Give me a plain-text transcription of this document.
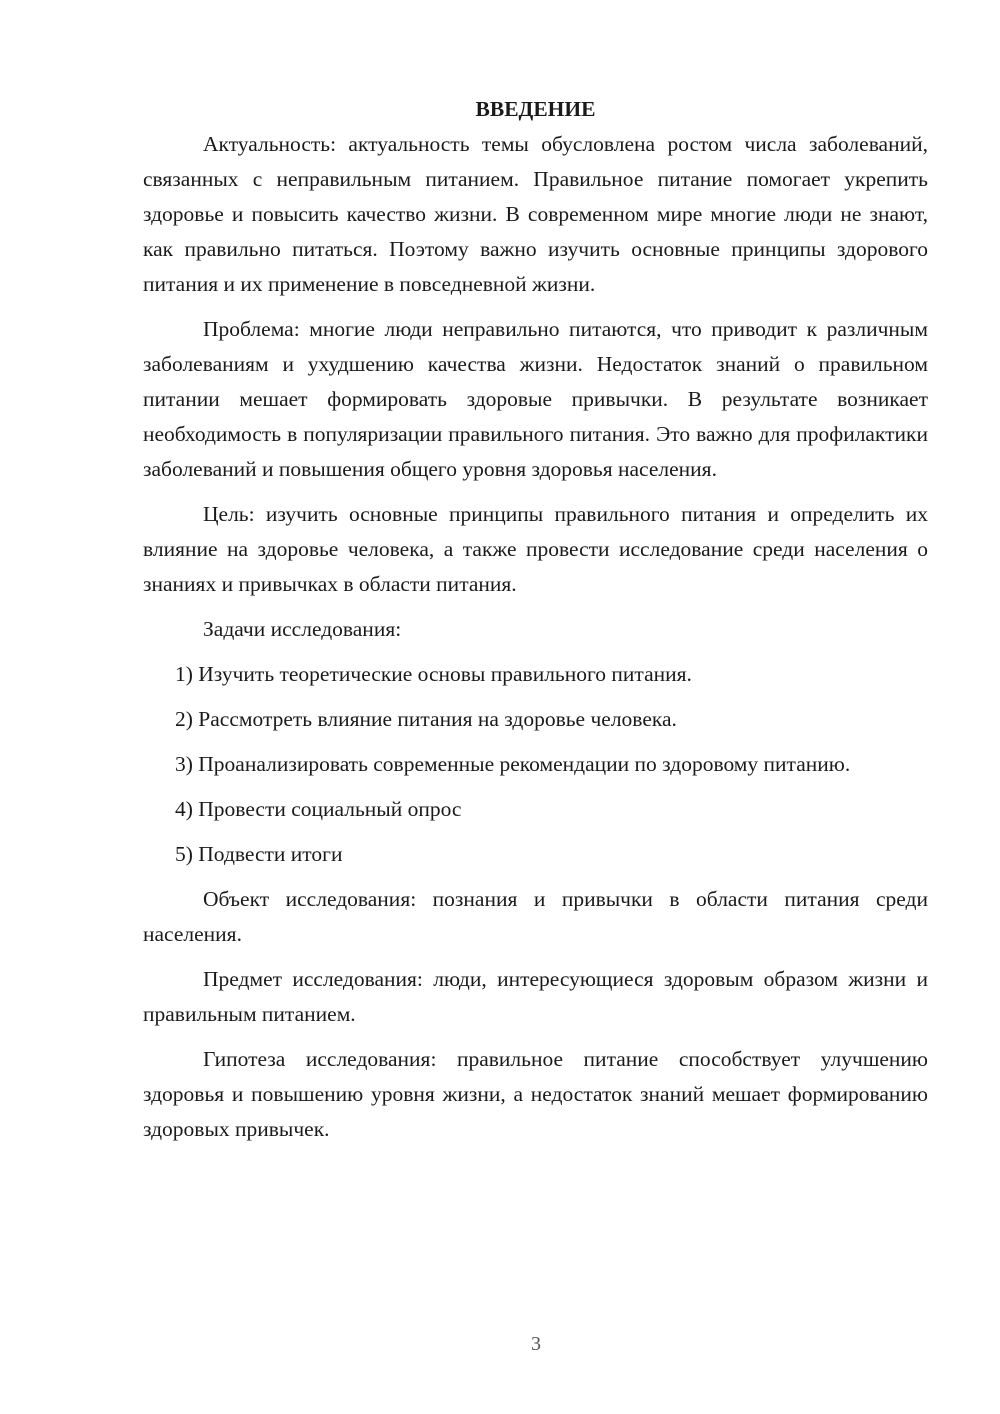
ВВЕДЕНИЕ

Актуальность: актуальность темы обусловлена ростом числа заболеваний, связанных с неправильным питанием. Правильное питание помогает укрепить здоровье и повысить качество жизни. В современном мире многие люди не знают, как правильно питаться. Поэтому важно изучить основные принципы здорового питания и их применение в повседневной жизни.

Проблема: многие люди неправильно питаются, что приводит к различным заболеваниям и ухудшению качества жизни. Недостаток знаний о правильном питании мешает формировать здоровые привычки. В результате возникает необходимость в популяризации правильного питания. Это важно для профилактики заболеваний и повышения общего уровня здоровья населения.

Цель: изучить основные принципы правильного питания и определить их влияние на здоровье человека, а также провести исследование среди населения о знаниях и привычках в области питания.

Задачи исследования:

1) Изучить теоретические основы правильного питания.

2) Рассмотреть влияние питания на здоровье человека.

3) Проанализировать современные рекомендации по здоровому питанию.

4) Провести социальный опрос

5) Подвести итоги

Объект исследования: познания и привычки в области питания среди населения.

Предмет исследования: люди, интересующиеся здоровым образом жизни и правильным питанием.

Гипотеза исследования: правильное питание способствует улучшению здоровья и повышению уровня жизни, а недостаток знаний мешает формированию здоровых привычек.

3
